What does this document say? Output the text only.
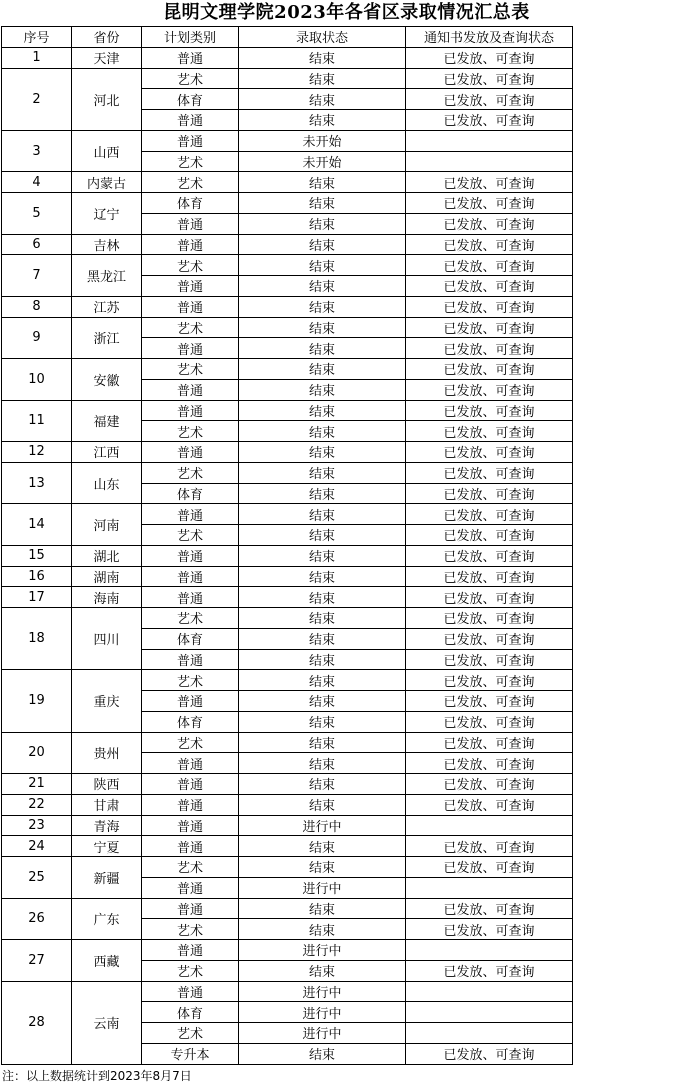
昆明文理学院2023年各省区录取情况汇总表
序号	省份	计划类别	录取状态	通知书发放及查询状态
1	天津	普通	结束	已发放、可查询
2	河北	艺术	结束	已发放、可查询
		体育	结束	已发放、可查询
		普通	结束	已发放、可查询
3	山西	普通	未开始	
		艺术	未开始	
4	内蒙古	艺术	结束	已发放、可查询
5	辽宁	体育	结束	已发放、可查询
		普通	结束	已发放、可查询
6	吉林	普通	结束	已发放、可查询
7	黑龙江	艺术	结束	已发放、可查询
		普通	结束	已发放、可查询
8	江苏	普通	结束	已发放、可查询
9	浙江	艺术	结束	已发放、可查询
		普通	结束	已发放、可查询
10	安徽	艺术	结束	已发放、可查询
		普通	结束	已发放、可查询
11	福建	普通	结束	已发放、可查询
		艺术	结束	已发放、可查询
12	江西	普通	结束	已发放、可查询
13	山东	艺术	结束	已发放、可查询
		体育	结束	已发放、可查询
14	河南	普通	结束	已发放、可查询
		艺术	结束	已发放、可查询
15	湖北	普通	结束	已发放、可查询
16	湖南	普通	结束	已发放、可查询
17	海南	普通	结束	已发放、可查询
18	四川	艺术	结束	已发放、可查询
		体育	结束	已发放、可查询
		普通	结束	已发放、可查询
19	重庆	艺术	结束	已发放、可查询
		普通	结束	已发放、可查询
		体育	结束	已发放、可查询
20	贵州	艺术	结束	已发放、可查询
		普通	结束	已发放、可查询
21	陕西	普通	结束	已发放、可查询
22	甘肃	普通	结束	已发放、可查询
23	青海	普通	进行中	
24	宁夏	普通	结束	已发放、可查询
25	新疆	艺术	结束	已发放、可查询
		普通	进行中	
26	广东	普通	结束	已发放、可查询
		艺术	结束	已发放、可查询
27	西藏	普通	进行中	
		艺术	结束	已发放、可查询
28	云南	普通	进行中	
		体育	进行中	
		艺术	进行中	
		专升本	结束	已发放、可查询
注：以上数据统计到2023年8月7日
